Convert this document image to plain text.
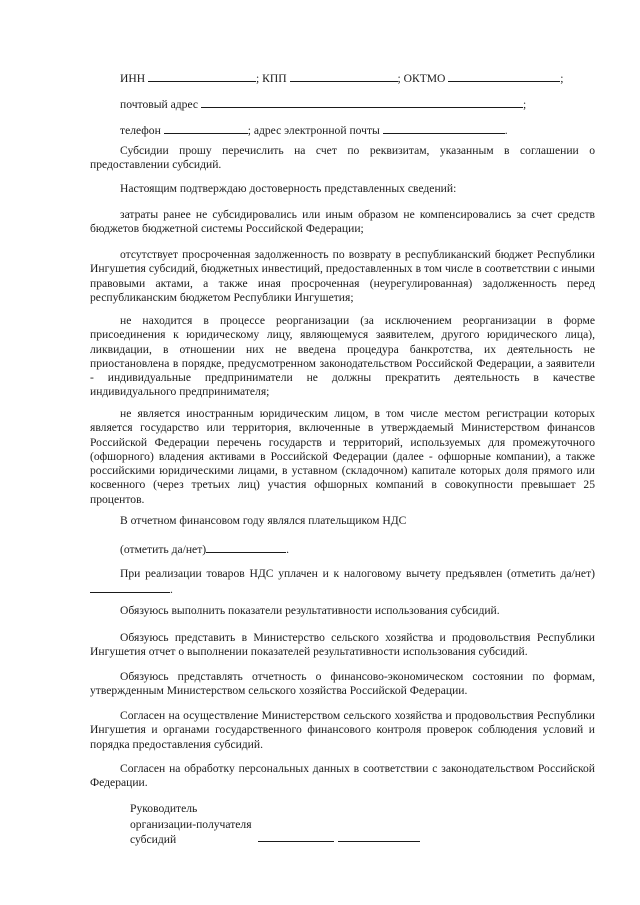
ИНН	; КПП	; ОКТМО	;
почтовый адрес	;
телефон	; адрес электронной почты	.

Субсидии прошу перечислить на счет по реквизитам, указанным в соглашении о предоставлении субсидий.

Настоящим подтверждаю достоверность представленных сведений:

затраты ранее не субсидировались или иным образом не компенсировались за счет средств бюджетов бюджетной системы Российской Федерации;

отсутствует просроченная задолженность по возврату в республиканский бюджет Республики Ингушетия субсидий, бюджетных инвестиций, предоставленных в том числе в соответствии с иными правовыми актами, а также иная просроченная (неурегулированная) задолженность перед республиканским бюджетом Республики Ингушетия;

не находится в процессе реорганизации (за исключением реорганизации в форме присоединения к юридическому лицу, являющемуся заявителем, другого юридического лица), ликвидации, в отношении них не введена процедура банкротства, их деятельность не приостановлена в порядке, предусмотренном законодательством Российской Федерации, а заявители - индивидуальные предприниматели не должны прекратить деятельность в качестве индивидуального предпринимателя;

не является иностранным юридическим лицом, в том числе местом регистрации которых является государство или территория, включенные в утверждаемый Министерством финансов Российской Федерации перечень государств и территорий, используемых для промежуточного (офшорного) владения активами в Российской Федерации (далее - офшорные компании), а также российскими юридическими лицами, в уставном (складочном) капитале которых доля прямого или косвенного (через третьих лиц) участия офшорных компаний в совокупности превышает 25 процентов.

В отчетном финансовом году являлся плательщиком НДС

(отметить да/нет)	.

При реализации товаров НДС уплачен и к налоговому вычету предъявлен (отметить да/нет) .

Обязуюсь выполнить показатели результативности использования субсидий.

Обязуюсь представить в Министерство сельского хозяйства и продовольствия Республики Ингушетия отчет о выполнении показателей результативности использования субсидий.

Обязуюсь представлять отчетность о финансово-экономическом состоянии по формам, утвержденным Министерством сельского хозяйства Российской Федерации.

Согласен на осуществление Министерством сельского хозяйства и продовольствия Республики Ингушетия и органами государственного финансового контроля проверок соблюдения условий и порядка предоставления субсидий.

Согласен на обработку персональных данных в соответствии с законодательством Российской Федерации.

Руководитель
организации-получателя
субсидий
